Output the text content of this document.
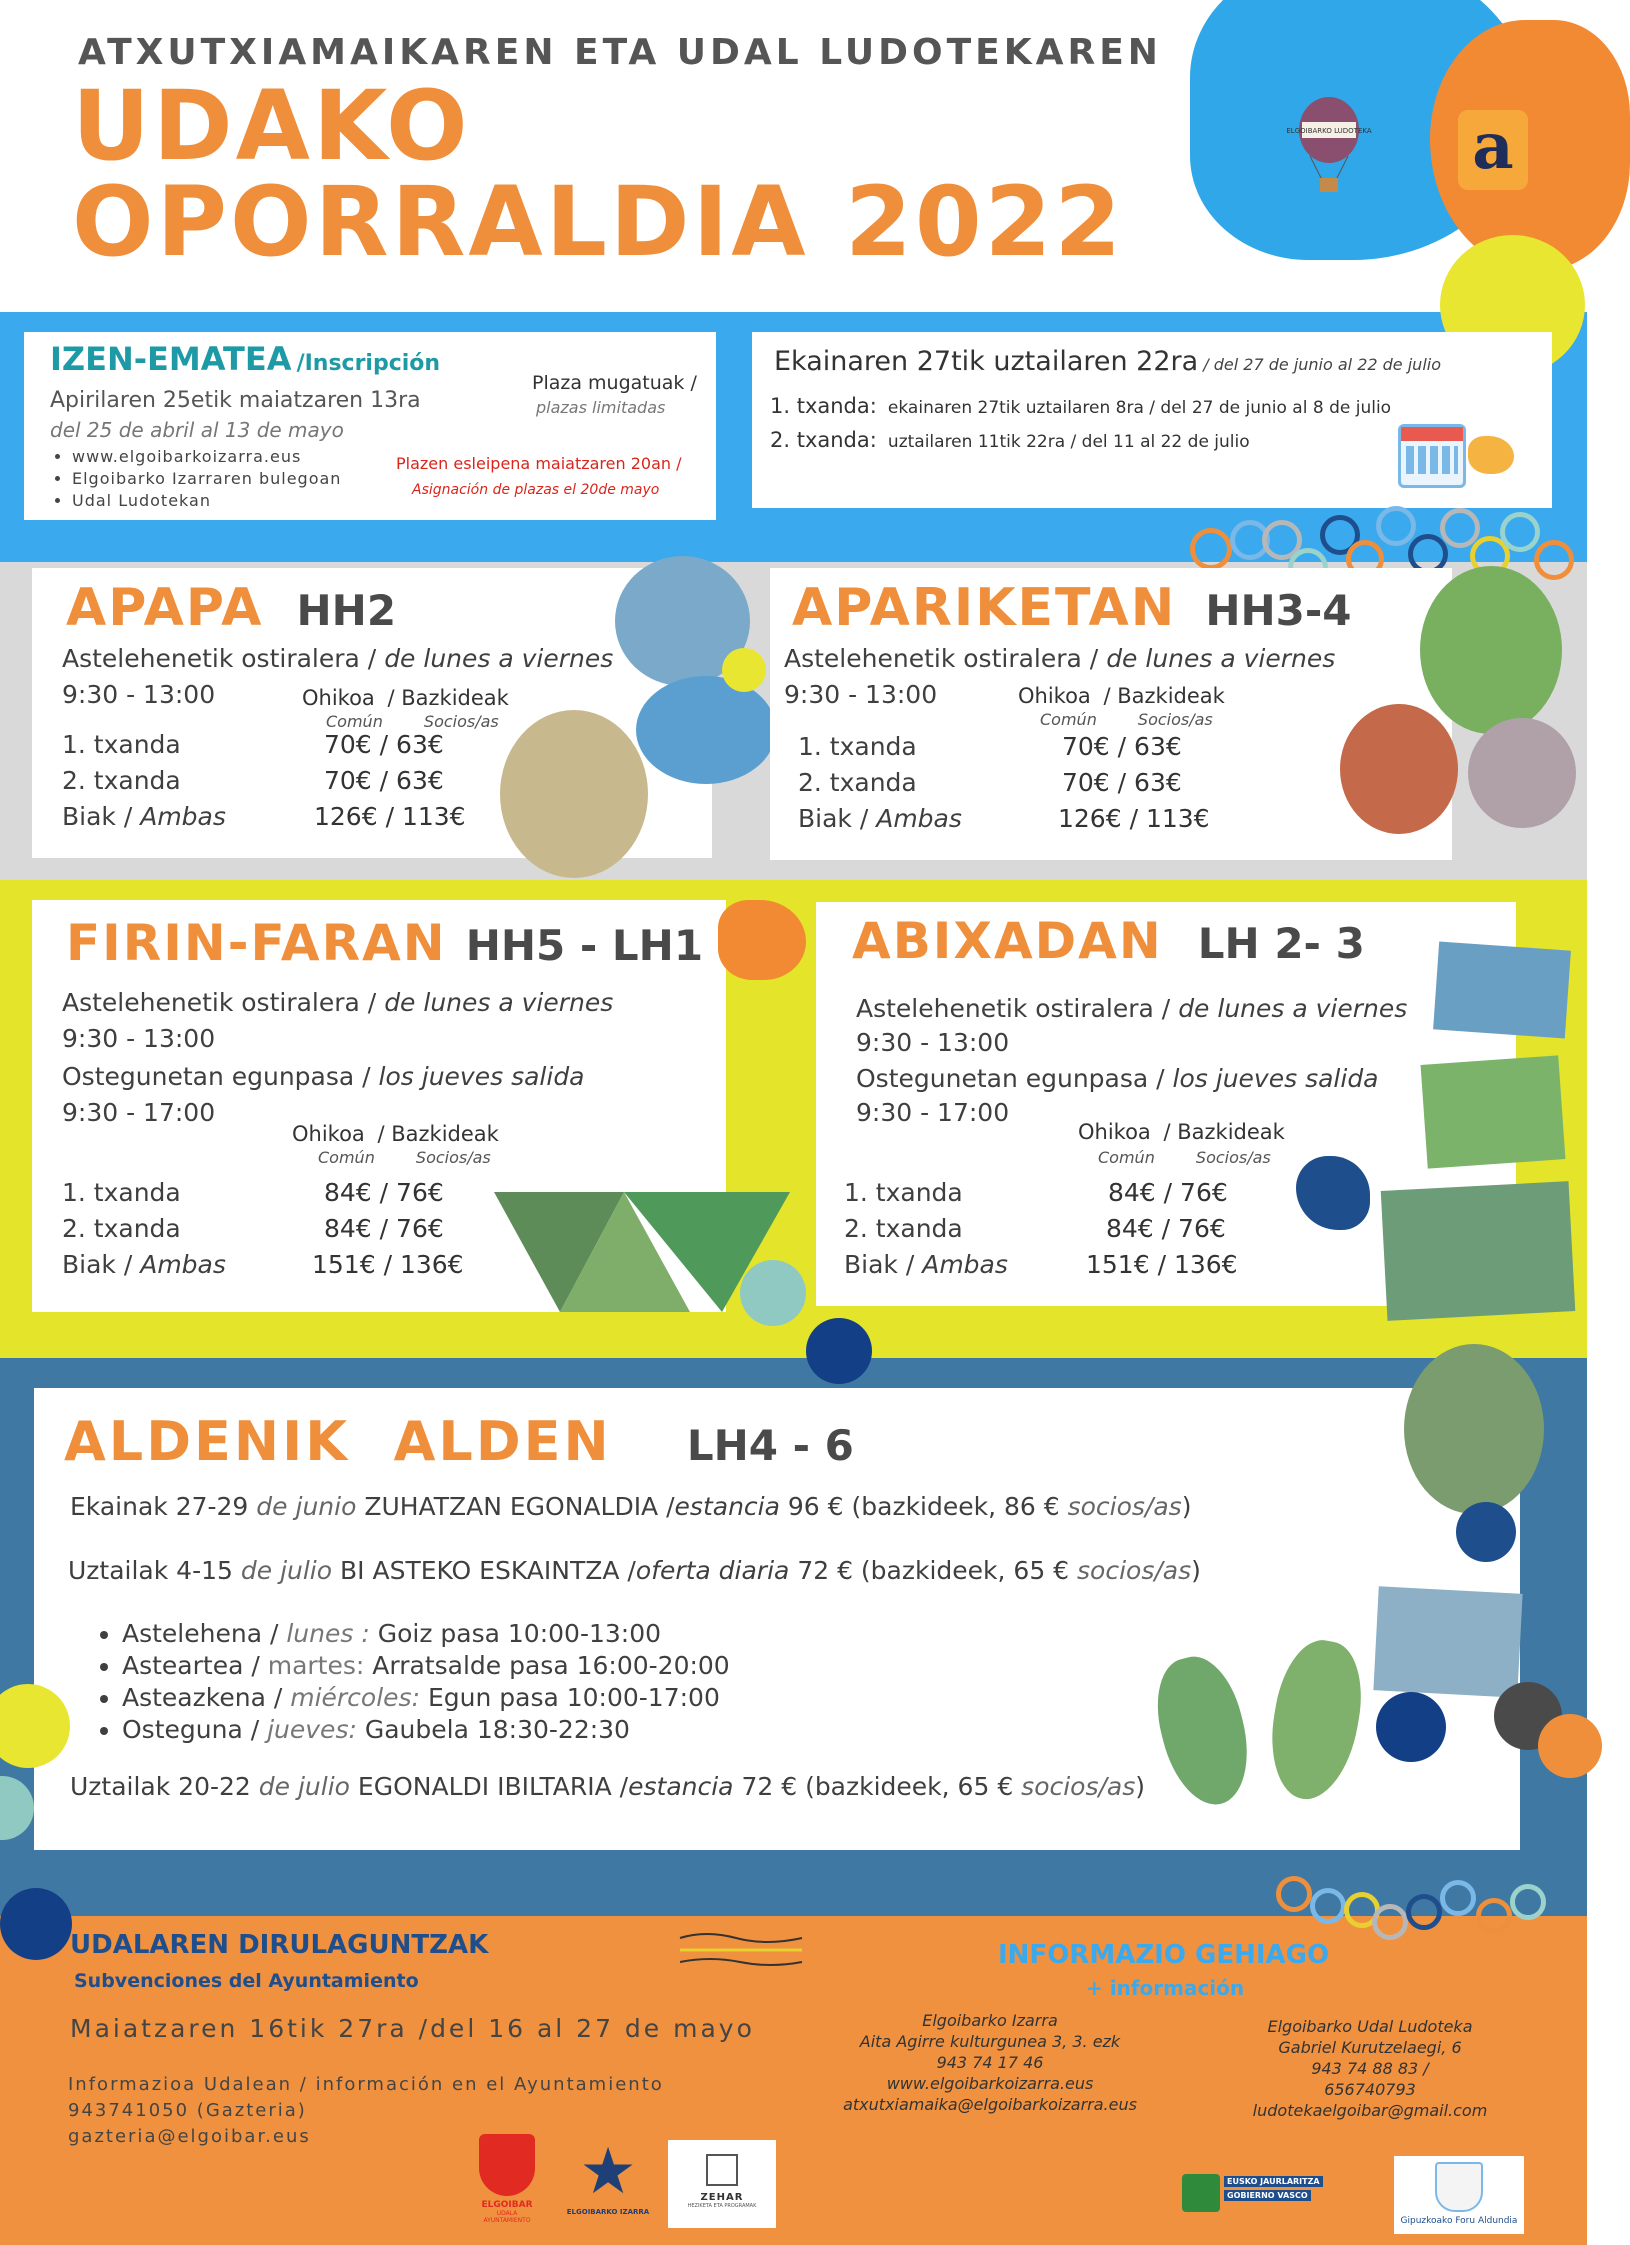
ATXUTXIAMAIKAREN ETA UDAL LUDOTEKAREN
UDAKO
OPORRALDIA 2022
ELGOIBARKO LUDOTEKA a
IZEN-EMATEA /Inscripción
Apirilaren 25etik maiatzaren 13ra
del 25 de abril al 13 de mayo
• www.elgoibarkoizarra.eus
• Elgoibarko Izarraren bulegoan
• Udal Ludotekan
Plaza mugatuak /
plazas limitadas
Plazen esleipena maiatzaren 20an /
Asignación de plazas el 20de mayo
Ekainaren 27tik uztailaren 22ra / del 27 de junio al 22 de julio
1. txanda: ekainaren 27tik uztailaren 8ra / del 27 de junio al 8 de julio
2. txanda: uztailaren 11tik 22ra / del 11 al 22 de julio
APAPA HH2
Astelehenetik ostiralera / de lunes a viernes
9:30 - 13:00	Ohikoa / Bazkideak
Común	Socios/as
1. txanda	70€ / 63€
2. txanda	70€ / 63€
Biak / Ambas	126€ / 113€
APARIKETAN HH3-4
Astelehenetik ostiralera / de lunes a viernes
9:30 - 13:00	Ohikoa / Bazkideak
Común	Socios/as
1. txanda	70€ / 63€
2. txanda	70€ / 63€
Biak / Ambas	126€ / 113€
FIRIN-FARAN HH5 - LH1
Astelehenetik ostiralera / de lunes a viernes
9:30 - 13:00
Ostegunetan egunpasa / los jueves salida
9:30 - 17:00
Ohikoa / Bazkideak
Común	Socios/as
1. txanda	84€ / 76€
2. txanda	84€ / 76€
Biak / Ambas	151€ / 136€
ABIXADAN LH 2- 3
Astelehenetik ostiralera / de lunes a viernes
9:30 - 13:00
Ostegunetan egunpasa / los jueves salida
9:30 - 17:00
Ohikoa / Bazkideak
Común	Socios/as
1. txanda	84€ / 76€
2. txanda	84€ / 76€
Biak / Ambas	151€ / 136€
ALDENIK  ALDEN LH4 - 6
Ekainak 27-29 de junio ZUHATZAN EGONALDIA /estancia 96 € (bazkideek, 86 € socios/as)
Uztailak 4-15 de julio BI ASTEKO ESKAINTZA /oferta diaria 72 € (bazkideek, 65 € socios/as)
• Astelehena / lunes : Goiz pasa 10:00-13:00
• Asteartea / martes: Arratsalde pasa 16:00-20:00
• Asteazkena / miércoles: Egun pasa 10:00-17:00
• Osteguna / jueves: Gaubela 18:30-22:30
Uztailak 20-22 de julio EGONALDI IBILTARIA /estancia 72 € (bazkideek, 65 € socios/as)
UDALAREN DIRULAGUNTZAK
Subvenciones del Ayuntamiento
Maiatzaren 16tik 27ra /del 16 al 27 de mayo
Informazioa Udalean / información en el Ayuntamiento
943741050 (Gazteria)
gazteria@elgoibar.eus
INFORMAZIO GEHIAGO
+ información
Elgoibarko Izarra
Aita Agirre kulturgunea 3, 3. ezk
943 74 17 46
www.elgoibarkoizarra.eus
atxutxiamaika@elgoibarkoizarra.eus
Elgoibarko Udal Ludoteka
Gabriel Kurutzelaegi, 6
943 74 88 83 /
656740793
ludotekaelgoibar@gmail.com
ELGOIBAR
UDALA AYUNTAMIENTO
★
ELGOIBARKO IZARRA
ZEHAR
HEZIKETA ETA PROGRAMAK
EUSKO JAURLARITZA
GOBIERNO VASCO
Gipuzkoako Foru Aldundia
